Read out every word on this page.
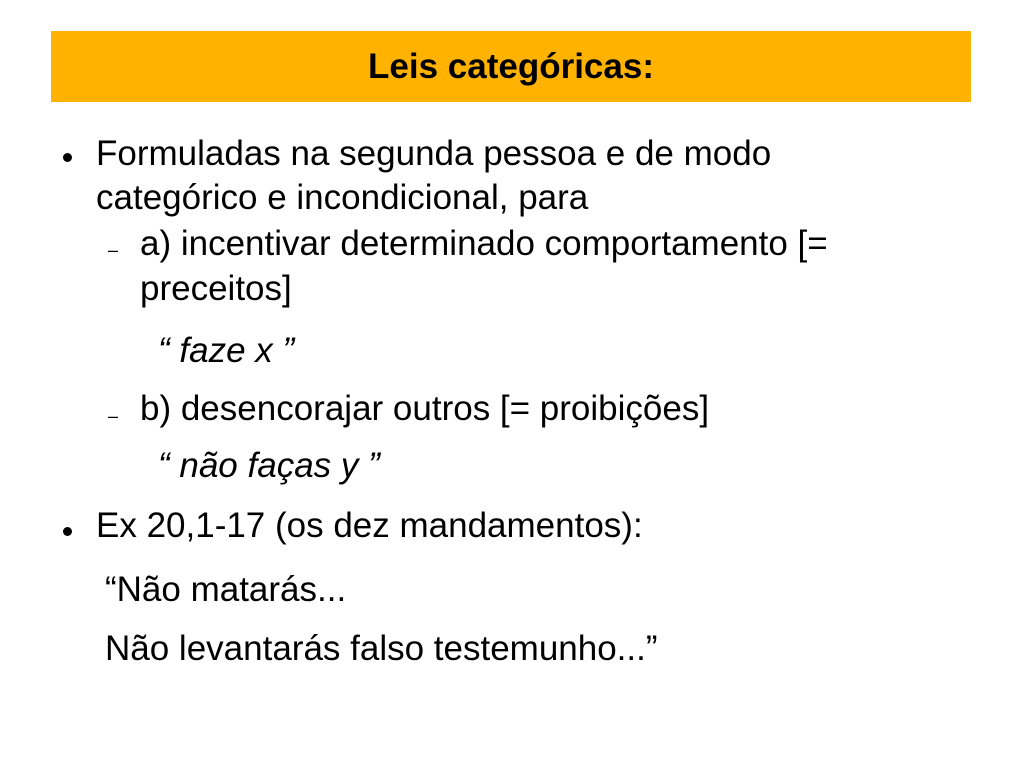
Leis categóricas:
Formuladas na segunda pessoa e de modo
categórico e incondicional, para
– a) incentivar determinado comportamento [=
preceitos]
“ faze x ”
– b) desencorajar outros [= proibições]
“ não faças y ”
Ex 20,1-17 (os dez mandamentos):
“Não matarás...
Não levantarás falso testemunho...”
